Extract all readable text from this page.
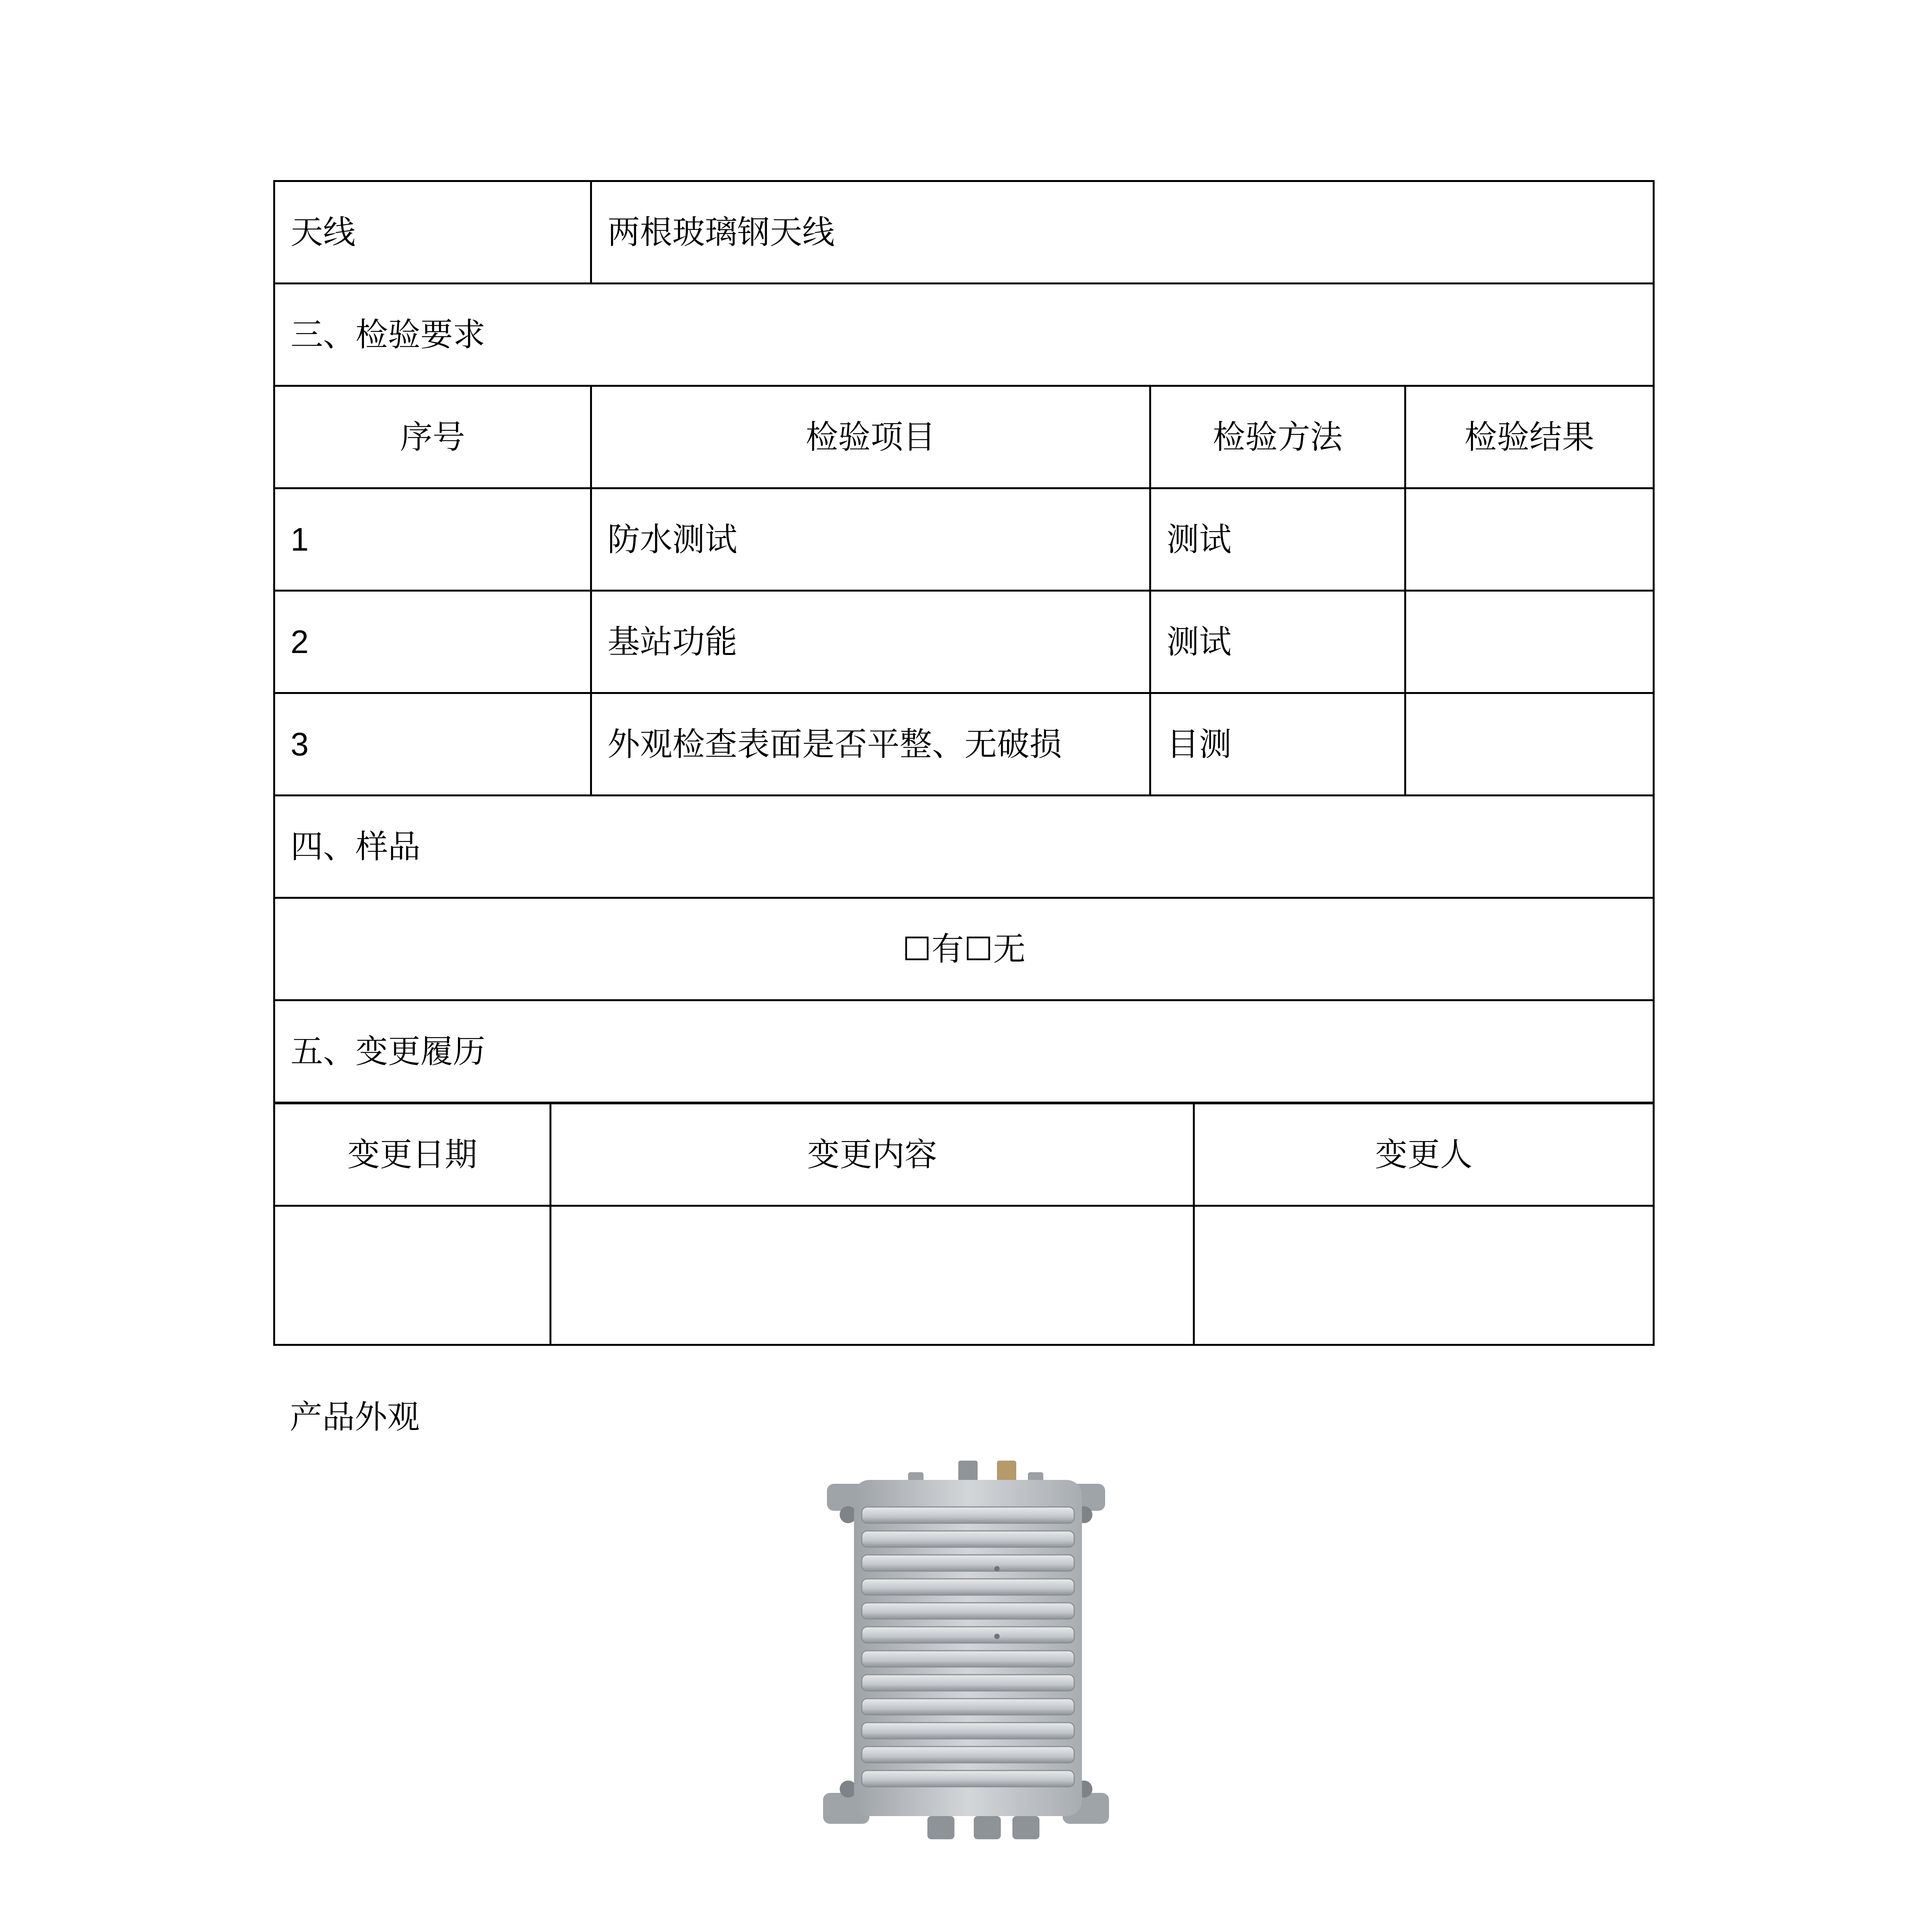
天线	两根玻璃钢天线		
三、检验要求			
序号	检验项目	检验方法	检验结果
1	防水测试	测试	
2	基站功能	测试	
3	外观检查表面是否平整、无破损	目测	
四、样品			
☐有☐无			
五、变更履历			
变更日期	变更内容	变更人

产品外观
